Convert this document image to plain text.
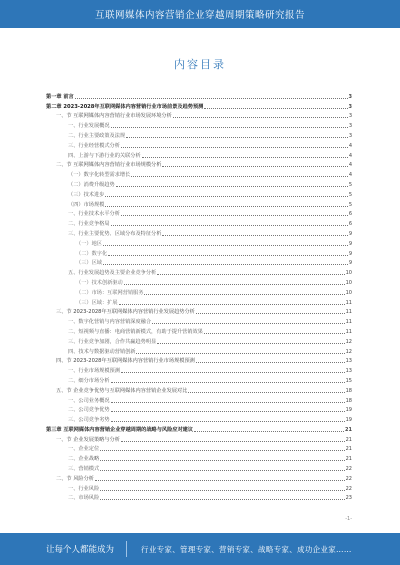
互联网媒体内容营销企业穿越周期策略研究报告
内容目录
第一章 前言	3
第二章 2023-2028年互联网媒体内容营销行业市场前景及趋势预测	3
一、节 互联网媒体内容营销行业市场发展环境分析	3
一、行业发展概况	3
二、行业主要政策及法规	3
三、行业经营模式分析	4
四、上游与下游行业的关联分析	4
二、节 互联网媒体内容营销行业市场规模分析	4
（一）数字化转型需求增长	4
（二）消费升级趋势	5
（三）技术进步	5
（四）市场规模	5
一、行业技术水平分析	6
二、行业竞争格局	6
三、行业主要优势、区域分布及特征分析	9
（一）地区	9
（二）数字化	9
（三）区域	9
五、行业发展趋势及主要企业竞争分析	10
（一）技术创新驱动	10
（二）市场：互联网营销服务	10
（三）区域：扩展	11
三、节 2023-2028年互联网媒体内容营销行业发展趋势分析	11
一、数字化营销与内容营销深度融合	11
二、短视频与直播：电商营销新模式，有助于提升营销效果	11
三、行业竞争加剧，合作共赢趋势明显	12
四、技术与数据驱动营销创新	12
四、节 2023-2028年互联网媒体内容营销行业市场规模预测	13
一、行业市场规模预测	13
二、细分市场分析	15
五、节 企业竞争优势与互联网媒体内容营销企业发展对比	18
一、公司业务概况	18
二、公司竞争优势	19
三、公司竞争劣势	19
第三章 互联网媒体内容营销企业穿越周期的战略与风险应对建议	21
一、节 企业发展策略与分析	21
一、企业定位	21
二、企业战略	21
三、营销模式	22
二、节 风险分析	22
一、行业风险	22
二、市场风险	23
-1-
让每个人都能成为	行业专家、管理专家、营销专家、战略专家、成功企业家……
